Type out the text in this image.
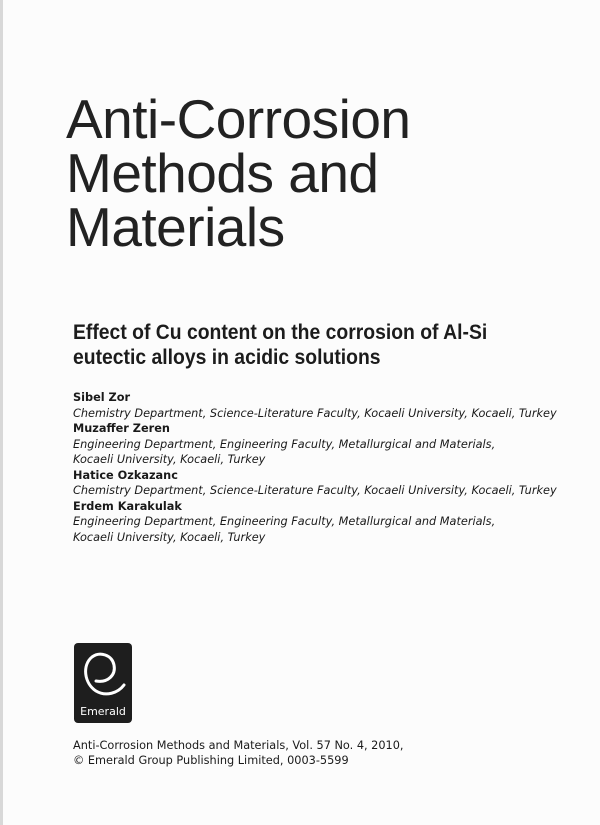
Anti-Corrosion
Methods and
Materials
Effect of Cu content on the corrosion of Al-Si
eutectic alloys in acidic solutions
Sibel Zor
Chemistry Department, Science-Literature Faculty, Kocaeli University, Kocaeli, Turkey
Muzaffer Zeren
Engineering Department, Engineering Faculty, Metallurgical and Materials,
Kocaeli University, Kocaeli, Turkey
Hatice Ozkazanc
Chemistry Department, Science-Literature Faculty, Kocaeli University, Kocaeli, Turkey
Erdem Karakulak
Engineering Department, Engineering Faculty, Metallurgical and Materials,
Kocaeli University, Kocaeli, Turkey
Emerald
Anti-Corrosion Methods and Materials, Vol. 57 No. 4, 2010,
© Emerald Group Publishing Limited, 0003-5599
